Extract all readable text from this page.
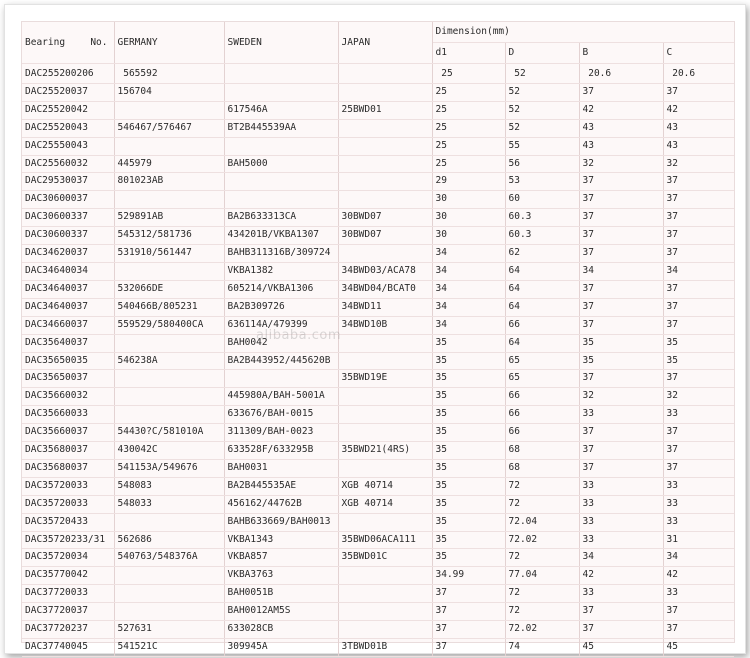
Bearing No.	GERMANY	SWEDEN	JAPAN	Dimension(mm)			
				d1	D	B	C
DAC255200206	565592			25	52	20.6	20.6
DAC25520037	156704			25	52	37	37
DAC25520042		617546A	25BWD01	25	52	42	42
DAC25520043	546467/576467	BT2B445539AA		25	52	43	43
DAC25550043				25	55	43	43
DAC25560032	445979	BAH5000		25	56	32	32
DAC29530037	801023AB			29	53	37	37
DAC30600037				30	60	37	37
DAC30600337	529891AB	BA2B633313CA	30BWD07	30	60.3	37	37
DAC30600337	545312/581736	434201B/VKBA1307	30BWD07	30	60.3	37	37
DAC34620037	531910/561447	BAHB311316B/309724		34	62	37	37
DAC34640034		VKBA1382	34BWD03/ACA78	34	64	34	34
DAC34640037	532066DE	605214/VKBA1306	34BWD04/BCAT0	34	64	37	37
DAC34640037	540466B/805231	BA2B309726	34BWD11	34	64	37	37
DAC34660037	559529/580400CA	636114A/479399	34BWD10B	34	66	37	37
DAC35640037		BAH0042		35	64	35	35
DAC35650035	546238A	BA2B443952/445620B		35	65	35	35
DAC35650037			35BWD19E	35	65	37	37
DAC35660032		445980A/BAH-5001A		35	66	32	32
DAC35660033		633676/BAH-0015		35	66	33	33
DAC35660037	54430?C/581010A	311309/BAH-0023		35	66	37	37
DAC35680037	430042C	633528F/633295B	35BWD21(4RS)	35	68	37	37
DAC35680037	541153A/549676	BAH0031		35	68	37	37
DAC35720033	548083	BA2B445535AE	XGB 40714	35	72	33	33
DAC35720033	548033	456162/44762B	XGB 40714	35	72	33	33
DAC35720433		BAHB633669/BAH0013		35	72.04	33	33
DAC35720233/31	562686	VKBA1343	35BWD06ACA111	35	72.02	33	31
DAC35720034	540763/548376A	VKBA857	35BWD01C	35	72	34	34
DAC35770042		VKBA3763		34.99	77.04	42	42
DAC37720033		BAH0051B		37	72	33	33
DAC37720037		BAH0012AM5S		37	72	37	37
DAC37720237	527631	633028CB		37	72.02	37	37
DAC37740045	541521C	309945A	3TBWD01B	37	74	45	45
alibaba.com
